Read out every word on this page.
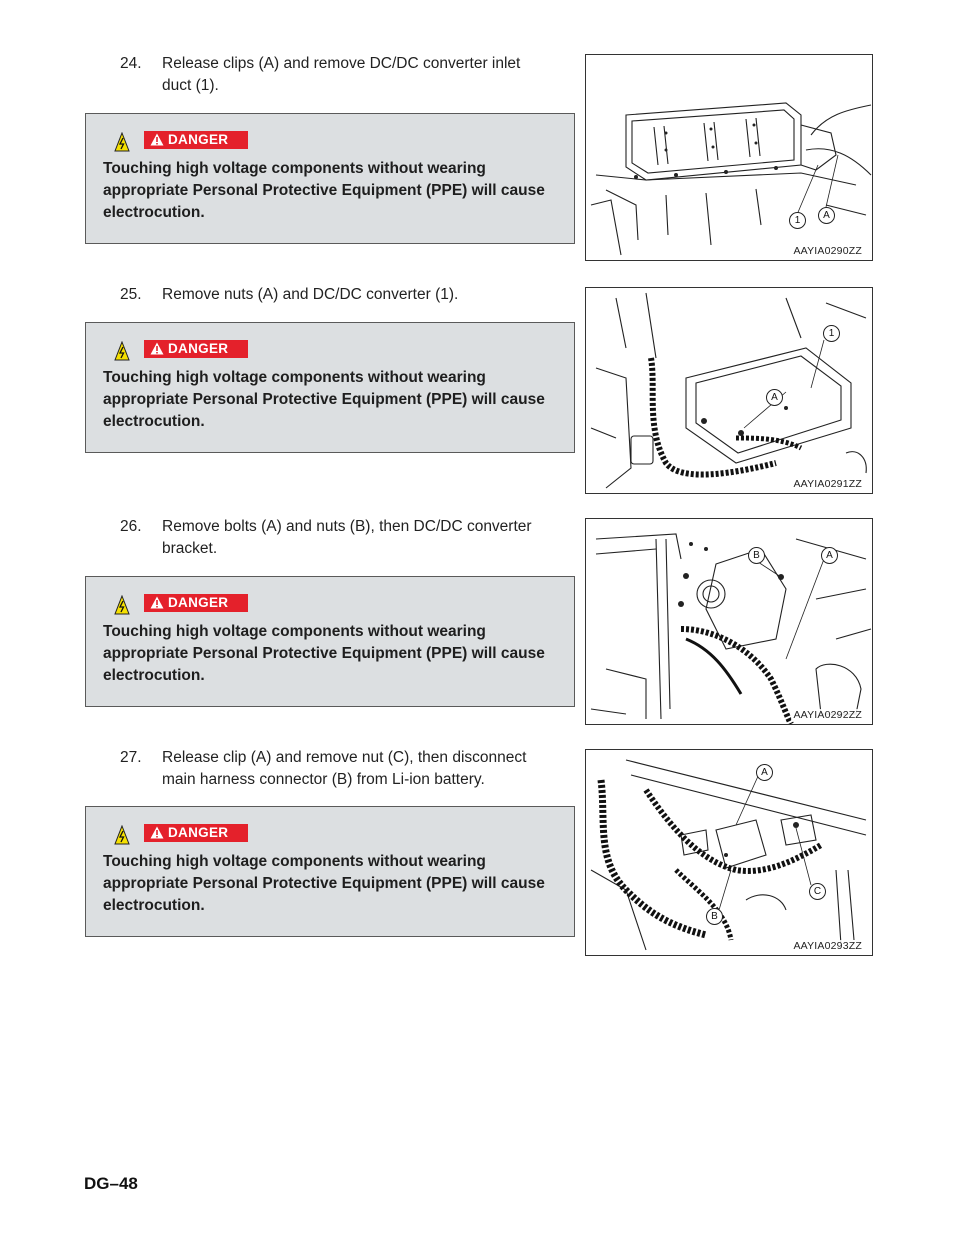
24. Release clips (A) and remove DC/DC converter inlet
duct (1).
DANGER
Touching high voltage components without wearing appropriate Personal Protective Equipment (PPE) will cause electrocution.	1	A
AAYIA0290ZZ
25. Remove nuts (A) and DC/DC converter (1).
DANGER
Touching high voltage components without wearing appropriate Personal Protective Equipment (PPE) will cause electrocution.
1
A
AAYIA0291ZZ
26. Remove bolts (A) and nuts (B), then DC/DC converter
bracket.
DANGER
Touching high voltage components without wearing appropriate Personal Protective Equipment (PPE) will cause electrocution.
B	A
AAYIA0292ZZ
27. Release clip (A) and remove nut (C), then disconnect
main harness connector (B) from Li-ion battery.
DANGER
Touching high voltage components without wearing appropriate Personal Protective Equipment (PPE) will cause electrocution.
A
C
B
AAYIA0293ZZ
DG–48
